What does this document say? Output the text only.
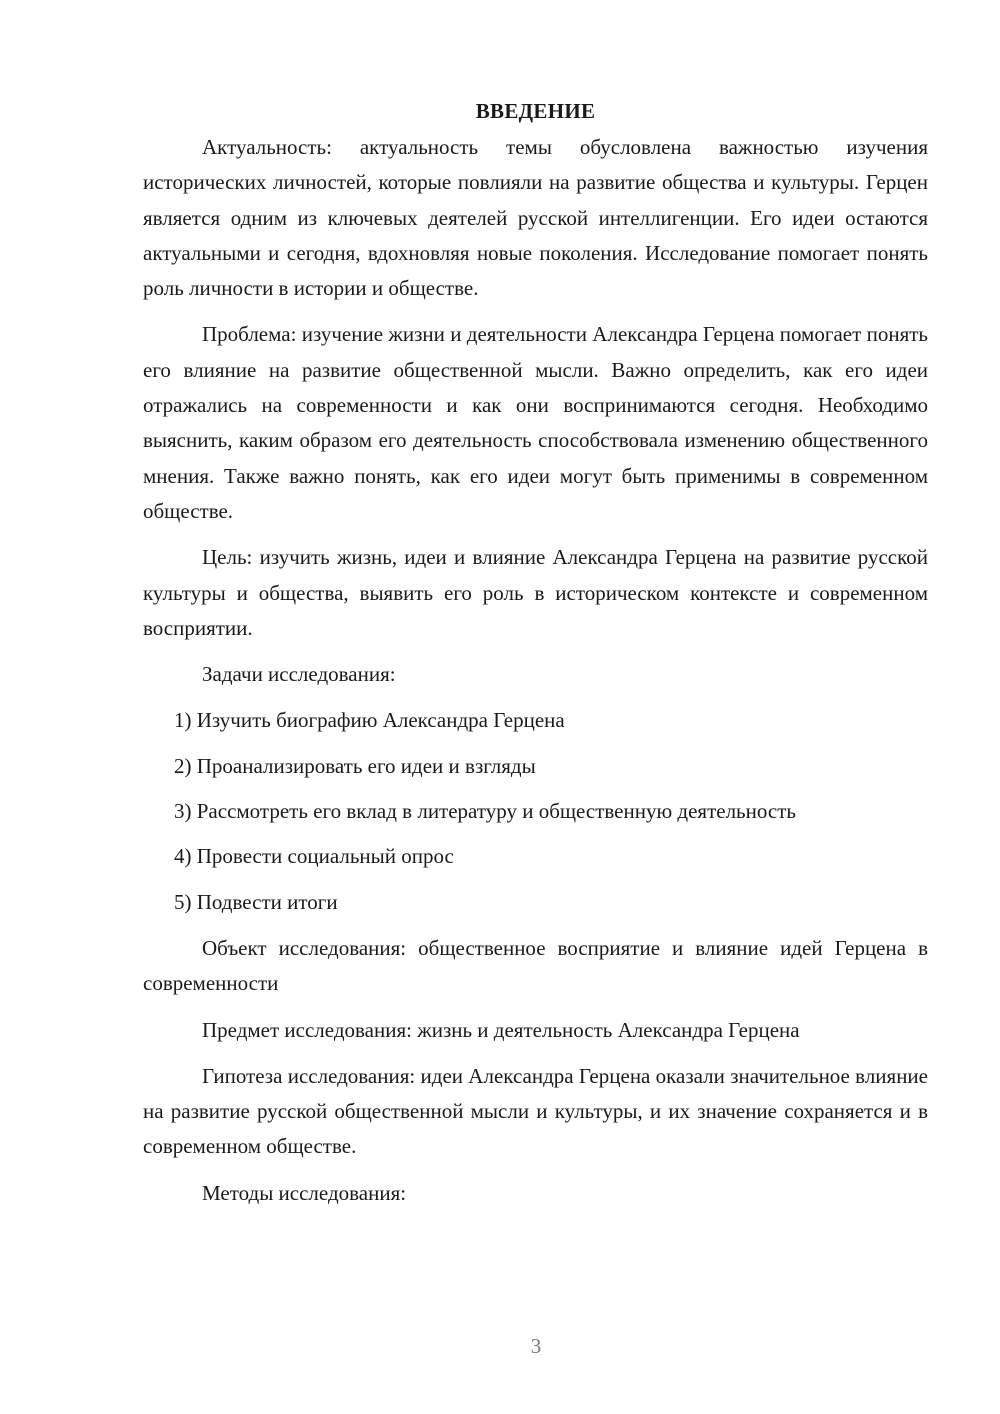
ВВЕДЕНИЕ

Актуальность: актуальность темы обусловлена важностью изучения исторических личностей, которые повлияли на развитие общества и культуры. Герцен является одним из ключевых деятелей русской интеллигенции. Его идеи остаются актуальными и сегодня, вдохновляя новые поколения. Исследование помогает понять роль личности в истории и обществе.

Проблема: изучение жизни и деятельности Александра Герцена помогает понять его влияние на развитие общественной мысли. Важно определить, как его идеи отражались на современности и как они воспринимаются сегодня. Необходимо выяснить, каким образом его деятельность способствовала изменению общественного мнения. Также важно понять, как его идеи могут быть применимы в современном обществе.

Цель: изучить жизнь, идеи и влияние Александра Герцена на развитие русской культуры и общества, выявить его роль в историческом контексте и современном восприятии.

Задачи исследования:

1) Изучить биографию Александра Герцена

2) Проанализировать его идеи и взгляды

3) Рассмотреть его вклад в литературу и общественную деятельность

4) Провести социальный опрос

5) Подвести итоги

Объект исследования: общественное восприятие и влияние идей Герцена в современности

Предмет исследования: жизнь и деятельность Александра Герцена

Гипотеза исследования: идеи Александра Герцена оказали значительное влияние на развитие русской общественной мысли и культуры, и их значение сохраняется и в современном обществе.

Методы исследования:

3
